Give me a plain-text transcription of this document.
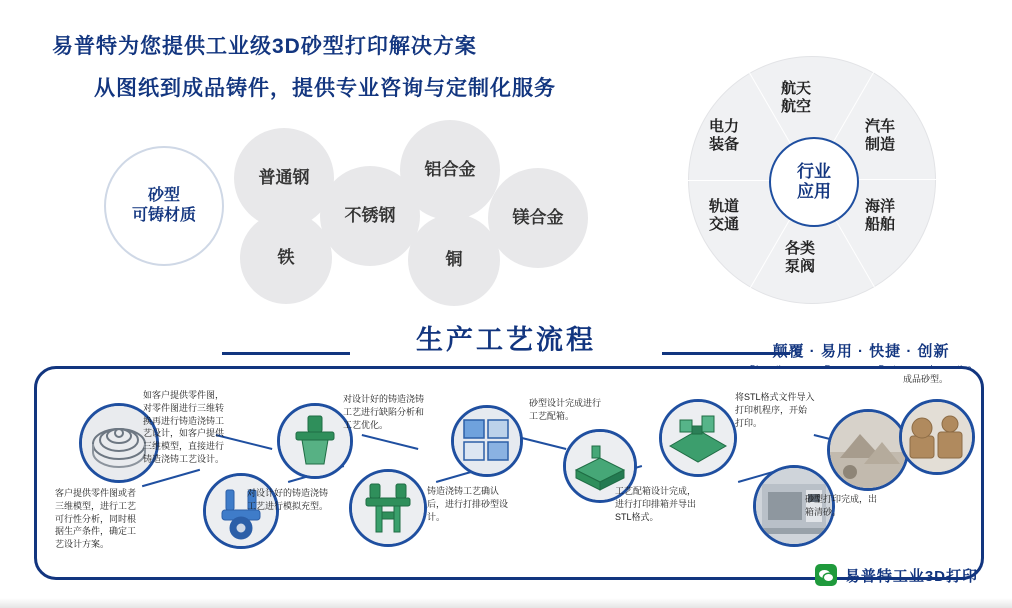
易普特为您提供工业级3D砂型打印解决方案
从图纸到成品铸件，提供专业咨询与定制化服务
砂型
可铸材质
普通钢	铝合金
不锈钢	镁合金
铁	铜
行业
应用
航天
航空
汽车
制造
海洋
船舶
各类
泵阀
轨道
交通
电力
装备
生产工艺流程	颠覆 · 易用 · 快捷 · 创新
客户提供零件图或者三维模型，进行工艺可行性分析，同时根据生产条件，确定工艺设计方案。
如客户提供零件图，对零件图进行三维转换再进行铸造浇铸工艺设计，如客户提供三维模型，直接进行铸造浇铸工艺设计。
对设计好的铸造浇铸工艺进行模拟充型。
对设计好的铸造浇铸工艺进行缺陷分析和工艺优化。
铸造浇铸工艺确认后，进行打排砂型设计。
砂型设计完成进行工艺配箱。
工艺配箱设计完成，进行打印排箱并导出STL格式。
将STL格式文件导入打印机程序，开始打印。
砂型打印完成，出箱清砂。
成品砂型。
易普特工业3D打印
